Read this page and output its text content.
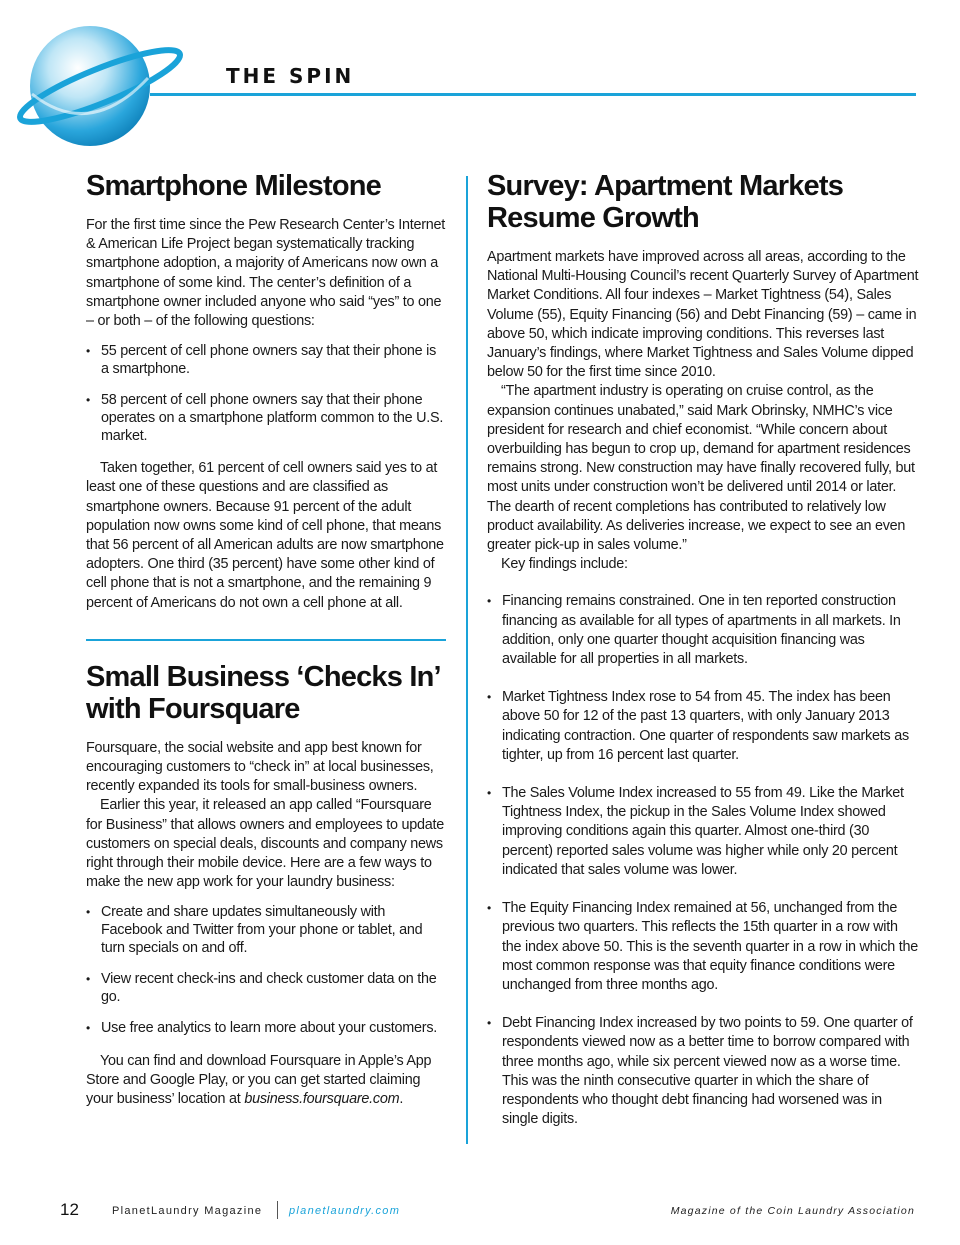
THE SPIN
Smartphone Milestone

For the first time since the Pew Research Center’s Internet & American Life Project began systematically tracking smartphone adoption, a majority of Americans now own a smartphone of some kind. The center’s definition of a smartphone owner included anyone who said “yes” to one – or both – of the following questions:

• 55 percent of cell phone owners say that their phone is a smartphone.
• 58 percent of cell phone owners say that their phone operates on a smartphone platform common to the U.S. market.

Taken together, 61 percent of cell owners said yes to at least one of these questions and are classified as smartphone owners. Because 91 percent of the adult population now owns some kind of cell phone, that means that 56 percent of all American adults are now smartphone adopters. One third (35 percent) have some other kind of cell phone that is not a smartphone, and the remaining 9 percent of Americans do not own a cell phone at all.

Small Business ‘Checks In’ with Foursquare

Foursquare, the social website and app best known for encouraging customers to “check in” at local businesses, recently expanded its tools for small-business owners.

Earlier this year, it released an app called “Foursquare for Business” that allows owners and employees to update customers on special deals, discounts and company news right through their mobile device. Here are a few ways to make the new app work for your laundry business:

• Create and share updates simultaneously with Facebook and Twitter from your phone or tablet, and turn specials on and off.
• View recent check-ins and check customer data on the go.
• Use free analytics to learn more about your customers.

You can find and download Foursquare in Apple’s App Store and Google Play, or you can get started claiming your business’ location at business.foursquare.com.

Survey: Apartment Markets Resume Growth

Apartment markets have improved across all areas, according to the National Multi-Housing Council’s recent Quarterly Survey of Apartment Market Conditions. All four indexes – Market Tightness (54), Sales Volume (55), Equity Financing (56) and Debt Financing (59) – came in above 50, which indicate improving conditions. This reverses last January’s findings, where Market Tightness and Sales Volume dipped below 50 for the first time since 2010.

“The apartment industry is operating on cruise control, as the expansion continues unabated,” said Mark Obrinsky, NMHC’s vice president for research and chief economist. “While concern about overbuilding has begun to crop up, demand for apartment residences remains strong. New construction may have finally recovered fully, but most units under construction won’t be delivered until 2014 or later. The dearth of recent completions has contributed to relatively low product availability. As deliveries increase, we expect to see an even greater pick-up in sales volume.”

Key findings include:

• Financing remains constrained. One in ten reported construction financing as available for all types of apartments in all markets. In addition, only one quarter thought acquisition financing was available for all properties in all markets.
• Market Tightness Index rose to 54 from 45. The index has been above 50 for 12 of the past 13 quarters, with only January 2013 indicating contraction. One quarter of respondents saw markets as tighter, up from 16 percent last quarter.
• The Sales Volume Index increased to 55 from 49. Like the Market Tightness Index, the pickup in the Sales Volume Index showed improving conditions again this quarter. Almost one-third (30 percent) reported sales volume was higher while only 20 percent indicated that sales volume was lower.
• The Equity Financing Index remained at 56, unchanged from the previous two quarters. This reflects the 15th quarter in a row with the index above 50. This is the seventh quarter in a row in which the most common response was that equity finance conditions were unchanged from three months ago.
• Debt Financing Index increased by two points to 59. One quarter of respondents viewed now as a better time to borrow compared with three months ago, while six percent viewed now as a worse time. This was the ninth consecutive quarter in which the share of respondents who thought debt financing had worsened was in single digits.
12	PlanetLaundry Magazine planetlaundry.com	Magazine of the Coin Laundry Association
